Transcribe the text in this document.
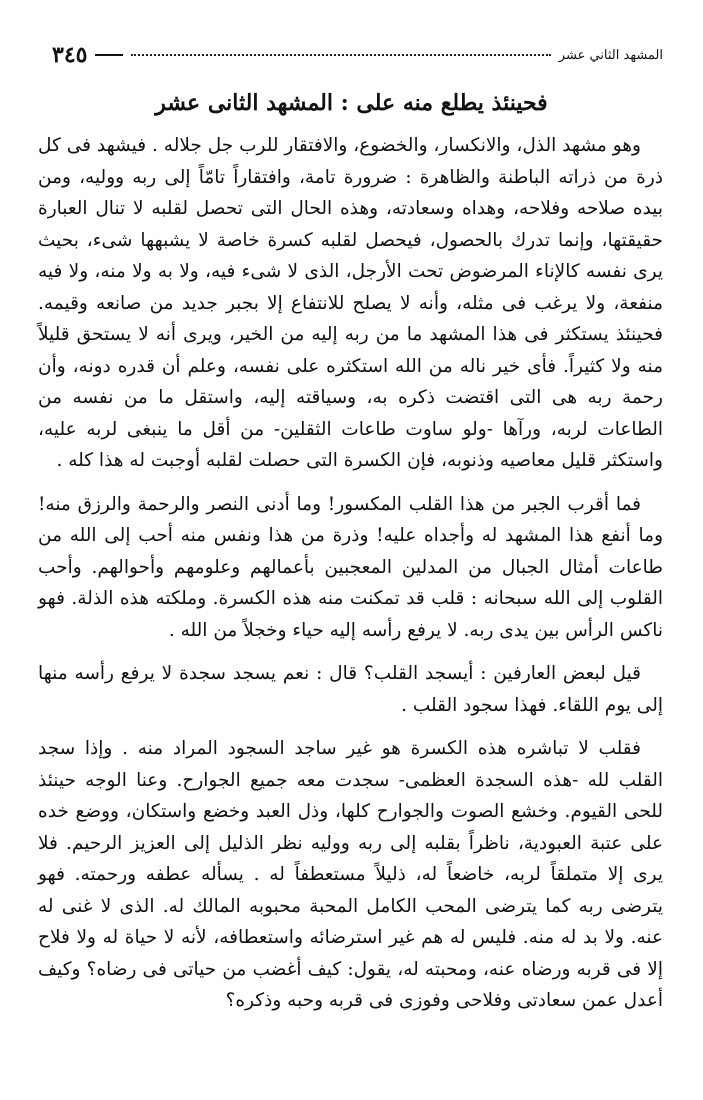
٣٤٥	المشهد الثاني عشر
فحينئذ يطلع منه على : المشهد الثانى عشر

وهو مشهد الذل، والانكسار، والخضوع، والافتقار للرب جل جلاله . فيشهد فى كل ذرة من ذراته الباطنة والظاهرة : ضرورة تامة، وافتقاراً تامّاً إلى ربه ووليه، ومن بيده صلاحه وفلاحه، وهداه وسعادته، وهذه الحال التى تحصل لقلبه لا تنال العبارة حقيقتها، وإنما تدرك بالحصول، فيحصل لقلبه كسرة خاصة لا يشبهها شىء، بحيث يرى نفسه كالإناء المرضوض تحت الأرجل، الذى لا شىء فيه، ولا به ولا منه، ولا فيه منفعة، ولا يرغب فى مثله، وأنه لا يصلح للانتفاع إلا بجبر جديد من صانعه وقيمه. فحينئذ يستكثر فى هذا المشهد ما من ربه إليه من الخير، ويرى أنه لا يستحق قليلاً منه ولا كثيراً. فأى خير ناله من الله استكثره على نفسه، وعلم أن قدره دونه، وأن رحمة ربه هى التى اقتضت ذكره به، وسياقته إليه، واستقل ما من نفسه من الطاعات لربه، ورآها -ولو ساوت طاعات الثقلين- من أقل ما ينبغى لربه عليه، واستكثر قليل معاصيه وذنوبه، فإن الكسرة التى حصلت لقلبه أوجبت له هذا كله .

فما أقرب الجبر من هذا القلب المكسور! وما أدنى النصر والرحمة والرزق منه! وما أنفع هذا المشهد له وأجداه عليه! وذرة من هذا ونفس منه أحب إلى الله من طاعات أمثال الجبال من المدلين المعجبين بأعمالهم وعلومهم وأحوالهم. وأحب القلوب إلى الله سبحانه : قلب قد تمكنت منه هذه الكسرة. وملكته هذه الذلة. فهو ناكس الرأس بين يدى ربه. لا يرفع رأسه إليه حياء وخجلاً من الله .

قيل لبعض العارفين : أيسجد القلب؟ قال : نعم يسجد سجدة لا يرفع رأسه منها إلى يوم اللقاء. فهذا سجود القلب .

فقلب لا تباشره هذه الكسرة هو غير ساجد السجود المراد منه . وإذا سجد القلب لله -هذه السجدة العظمى- سجدت معه جميع الجوارح. وعنا الوجه حينئذ للحى القيوم. وخشع الصوت والجوارح كلها، وذل العبد وخضع واستكان، ووضع خده على عتبة العبودية، ناظراً بقلبه إلى ربه ووليه نظر الذليل إلى العزيز الرحيم. فلا يرى إلا متملقاً لربه، خاضعاً له، ذليلاً مستعطفاً له . يسأله عطفه ورحمته. فهو يترضى ربه كما يترضى المحب الكامل المحبة محبوبه المالك له. الذى لا غنى له عنه. ولا بد له منه. فليس له هم غير استرضائه واستعطافه، لأنه لا حياة له ولا فلاح إلا فى قربه ورضاه عنه، ومحبته له، يقول: كيف أغضب من حياتى فى رضاه؟ وكيف أعدل عمن سعادتى وفلاحى وفوزى فى قربه وحبه وذكره؟
